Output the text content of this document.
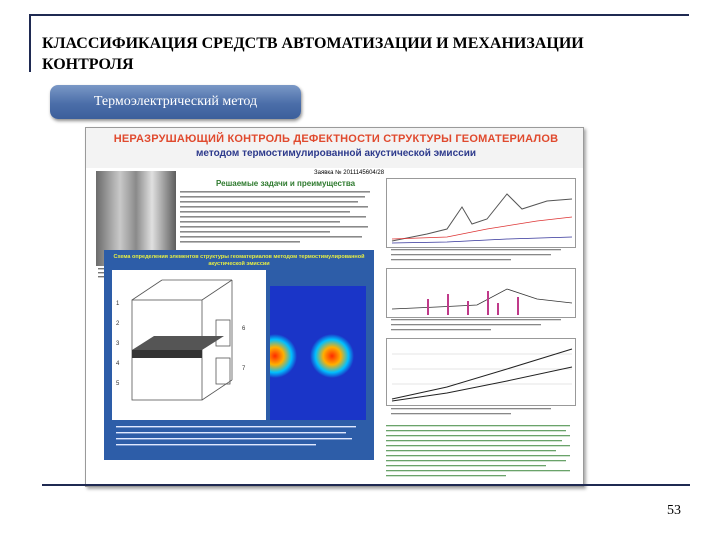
КЛАССИФИКАЦИЯ СРЕДСТВ АВТОМАТИЗАЦИИ И МЕХАНИЗАЦИИ КОНТРОЛЯ
Термоэлектрический метод
НЕРАЗРУШАЮЩИЙ КОНТРОЛЬ ДЕФЕКТНОСТИ СТРУКТУРЫ ГЕОМАТЕРИАЛОВ
методом термостимулированной акустической эмиссии
Заявка № 2011145604/28
Решаемые задачи и преимущества
Схема определения элементов структуры геоматериалов методом термостимулированной акустической эмиссии
1
2
3
4
5
6
7
53
